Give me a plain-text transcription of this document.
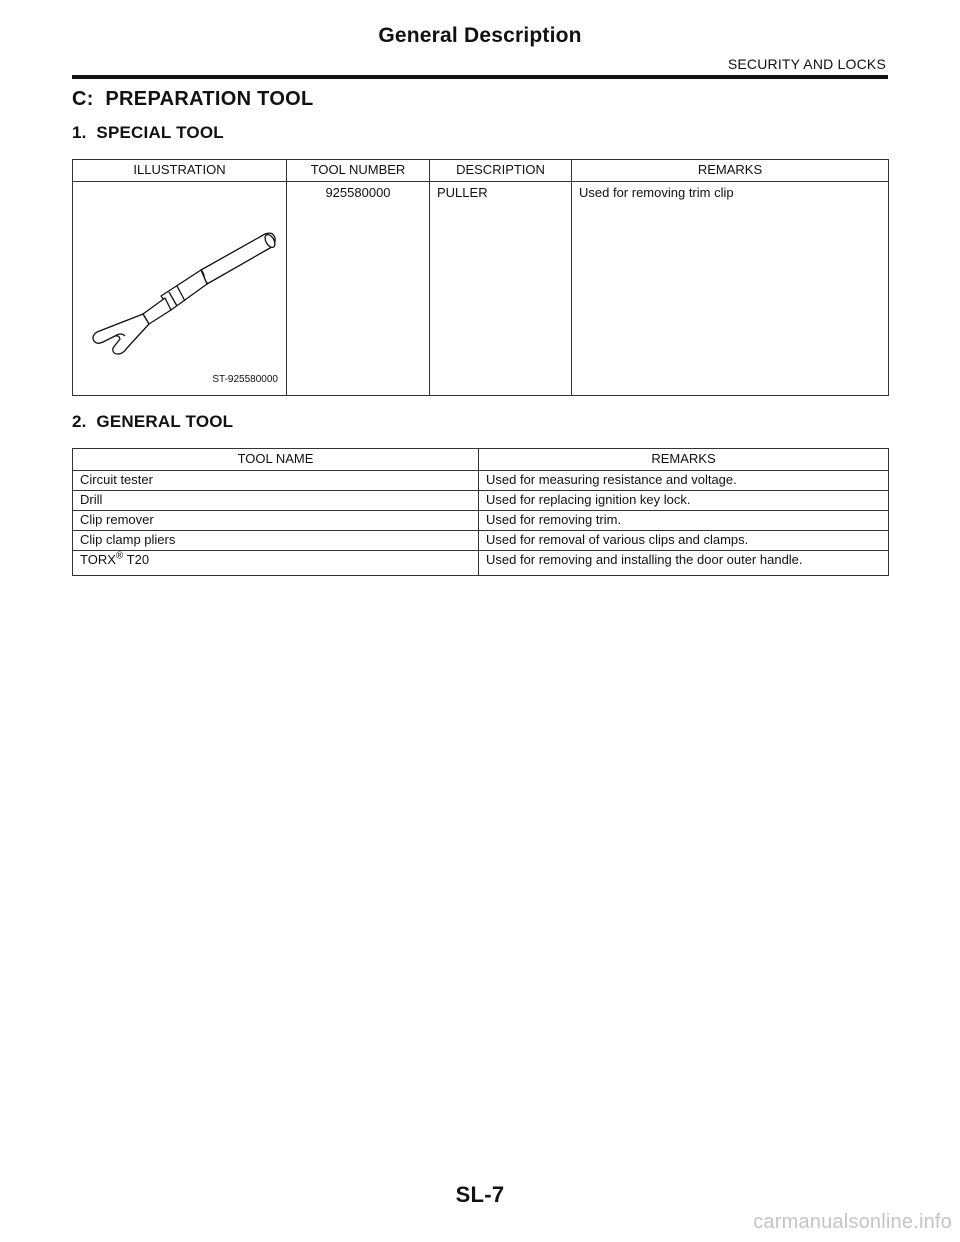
General Description
SECURITY AND LOCKS
C:  PREPARATION TOOL
1.  SPECIAL TOOL
ILLUSTRATION	TOOL NUMBER	DESCRIPTION	REMARKS

ST-925580000	925580000	PULLER	Used for removing trim clip
2.  GENERAL TOOL
TOOL NAME	REMARKS
Circuit tester	Used for measuring resistance and voltage.
Drill	Used for replacing ignition key lock.
Clip remover	Used for removing trim.
Clip clamp pliers	Used for removal of various clips and clamps.
TORX® T20	Used for removing and installing the door outer handle.
SL-7
carmanualsonline.info
